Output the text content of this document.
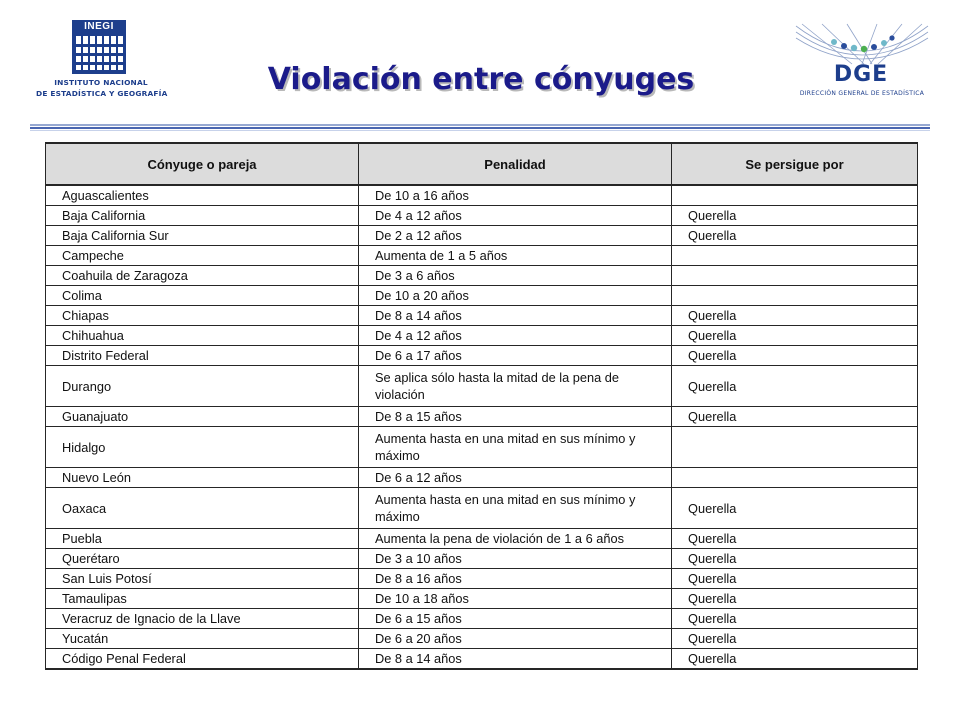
INEGI
INSTITUTO NACIONAL
DE ESTADÍSTICA Y GEOGRAFÍA	Violación entre cónyuges	DGE
DIRECCIÓN GENERAL DE ESTADÍSTICA
Cónyuge o pareja	Penalidad	Se persigue por
Aguascalientes	De 10 a 16 años	
Baja California	De 4 a 12 años	Querella
Baja California Sur	De 2 a 12 años	Querella
Campeche	Aumenta de 1 a 5 años	
Coahuila de Zaragoza	De 3 a 6 años	
Colima	De 10 a 20 años	
Chiapas	De 8 a 14 años	Querella
Chihuahua	De 4 a 12 años	Querella
Distrito Federal	De 6 a 17 años	Querella
Durango	Se aplica sólo hasta la mitad de la pena de violación	Querella
Guanajuato	De 8 a 15 años	Querella
Hidalgo	Aumenta hasta en una mitad en sus mínimo y máximo	
Nuevo León	De 6 a 12 años	
Oaxaca	Aumenta hasta en una mitad en sus mínimo y máximo	Querella
Puebla	Aumenta la pena de violación de 1 a 6 años	Querella
Querétaro	De 3 a 10 años	Querella
San Luis Potosí	De 8 a 16 años	Querella
Tamaulipas	De 10 a 18 años	Querella
Veracruz de Ignacio de la Llave	De 6 a 15 años	Querella
Yucatán	De 6 a 20 años	Querella
Código Penal Federal	De 8 a 14 años	Querella
